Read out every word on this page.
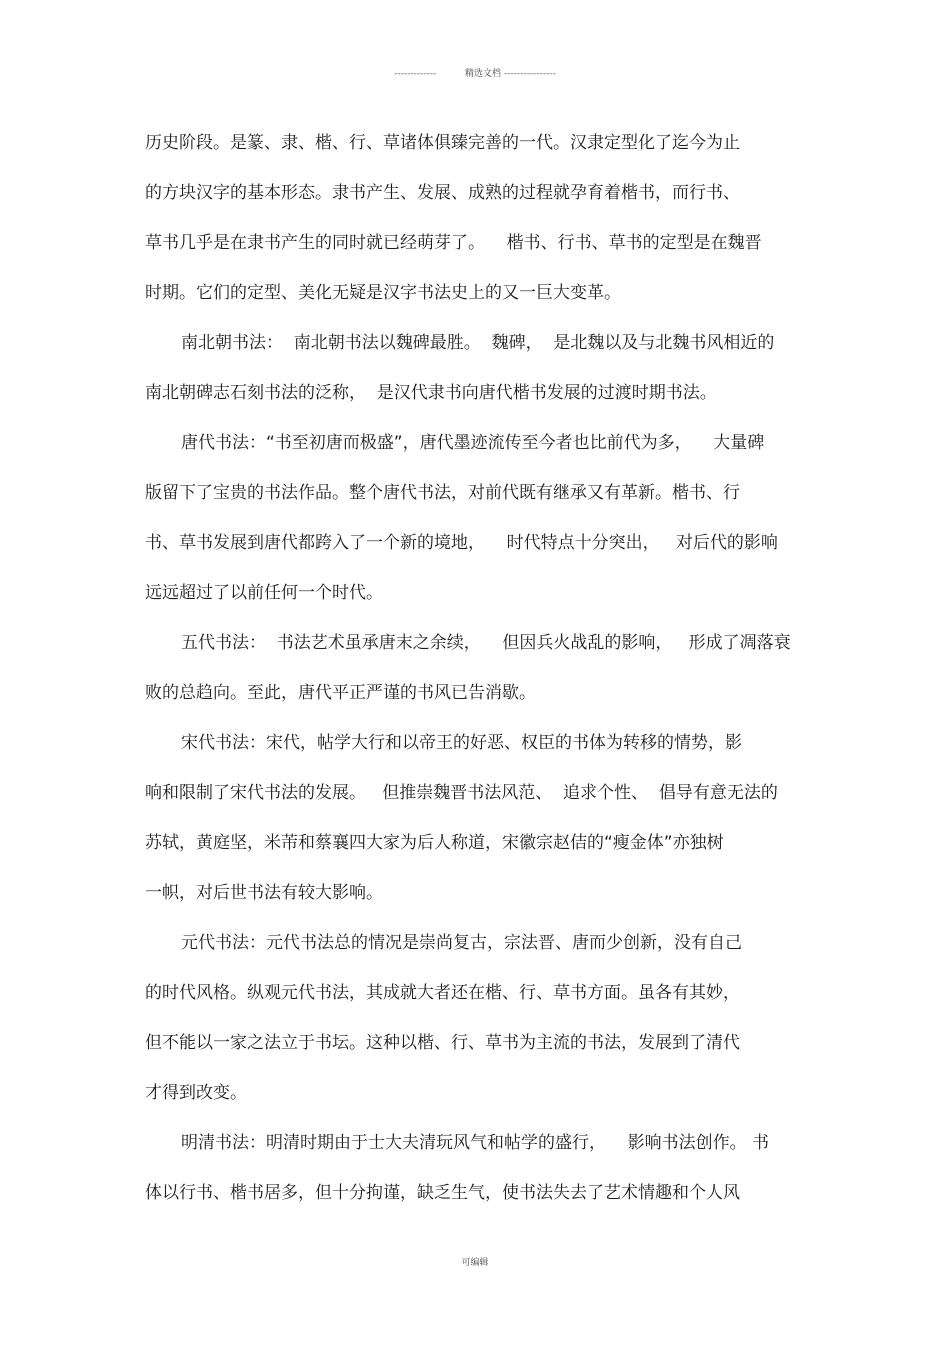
-------------	精选文档 ----------------
历史阶段。是篆、隶、楷、行、草诸体俱臻完善的一代。汉隶定型化了迄今为止
的方块汉字的基本形态。隶书产生、发展、成熟的过程就孕育着楷书，而行书、
草书几乎是在隶书产生的同时就已经萌芽了。    楷书、行书、草书的定型是在魏晋
时期。它们的定型、美化无疑是汉字书法史上的又一巨大变革。
南北朝书法：  南北朝书法以魏碑最胜。  魏碑，  是北魏以及与北魏书风相近的
南北朝碑志石刻书法的泛称，  是汉代隶书向唐代楷书发展的过渡时期书法。
唐代书法：“书至初唐而极盛”，唐代墨迹流传至今者也比前代为多，    大量碑
版留下了宝贵的书法作品。整个唐代书法，对前代既有继承又有革新。楷书、行
书、草书发展到唐代都跨入了一个新的境地，    时代特点十分突出，   对后代的影响
远远超过了以前任何一个时代。
五代书法：  书法艺术虽承唐末之余续，    但因兵火战乱的影响，   形成了凋落衰
败的总趋向。至此，唐代平正严谨的书风已告消歇。
宋代书法：宋代，帖学大行和以帝王的好恶、权臣的书体为转移的情势，影
响和限制了宋代书法的发展。   但推崇魏晋书法风范、  追求个性、  倡导有意无法的
苏轼，黄庭坚，米芾和蔡襄四大家为后人称道，宋徽宗赵佶的“瘦金体”亦独树
一帜，对后世书法有较大影响。
元代书法：元代书法总的情况是崇尚复古，宗法晋、唐而少创新，没有自己
的时代风格。纵观元代书法，其成就大者还在楷、行、草书方面。虽各有其妙，
但不能以一家之法立于书坛。这种以楷、行、草书为主流的书法，发展到了清代
才得到改变。
明清书法：明清时期由于士大夫清玩风气和帖学的盛行，    影响书法创作。 书
体以行书、楷书居多，但十分拘谨，缺乏生气，使书法失去了艺术情趣和个人风
可编辑
